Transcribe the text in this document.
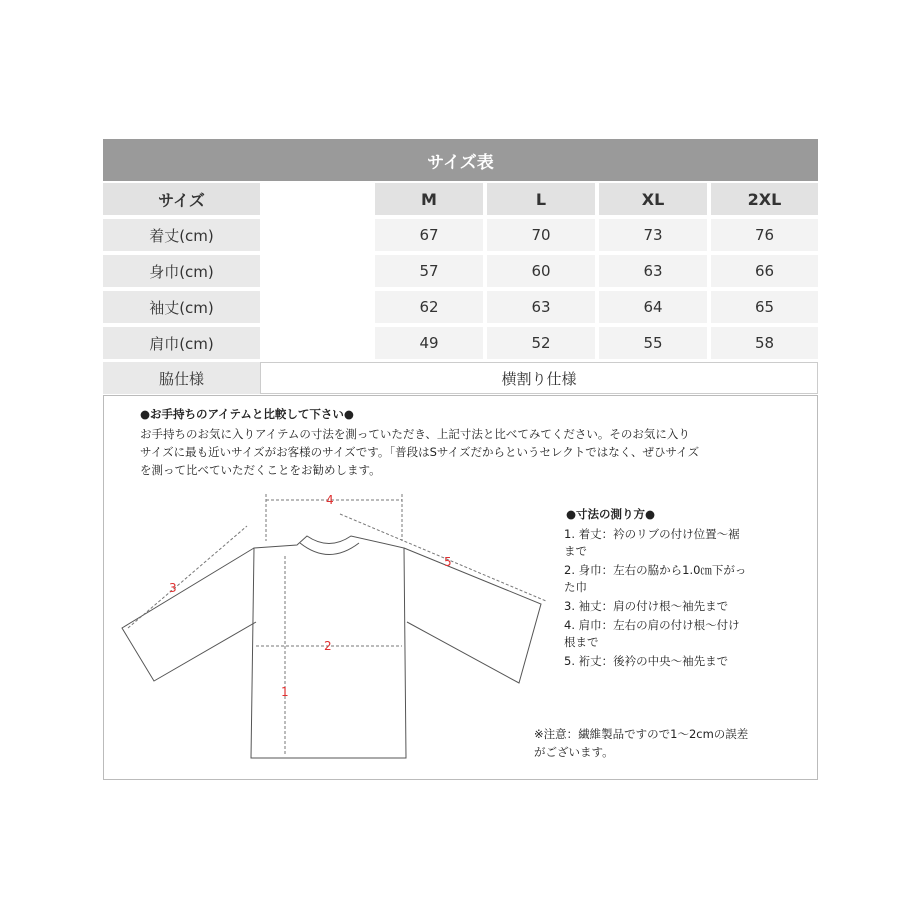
サイズ表
サイズ	M	L	XL	2XL
着丈(cm)	67	70	73	76
身巾(cm)	57	60	63	66
袖丈(cm)	62	63	64	65
肩巾(cm)	49	52	55	58
脇仕様	横割り仕様
●お手持ちのアイテムと比較して下さい●
お手持ちのお気に入りアイテムの寸法を測っていただき、上記寸法と比べてみてください。そのお気に入り
サイズに最も近いサイズがお客様のサイズです。「普段はSサイズだからというセレクトではなく、ぜひサイズ
を測って比べていただくことをお勧めします。
●寸法の測り方●
1. 着丈：衿のリブの付け位置〜裾
まで
2. 身巾：左右の脇から1.0㎝下がっ
た巾
3. 袖丈：肩の付け根〜袖先まで
4. 肩巾：左右の肩の付け根〜付け
根まで
5. 裄丈：後衿の中央〜袖先まで
※注意：繊維製品ですので1〜2cmの誤差
がございます。
1
2
3
4
5
